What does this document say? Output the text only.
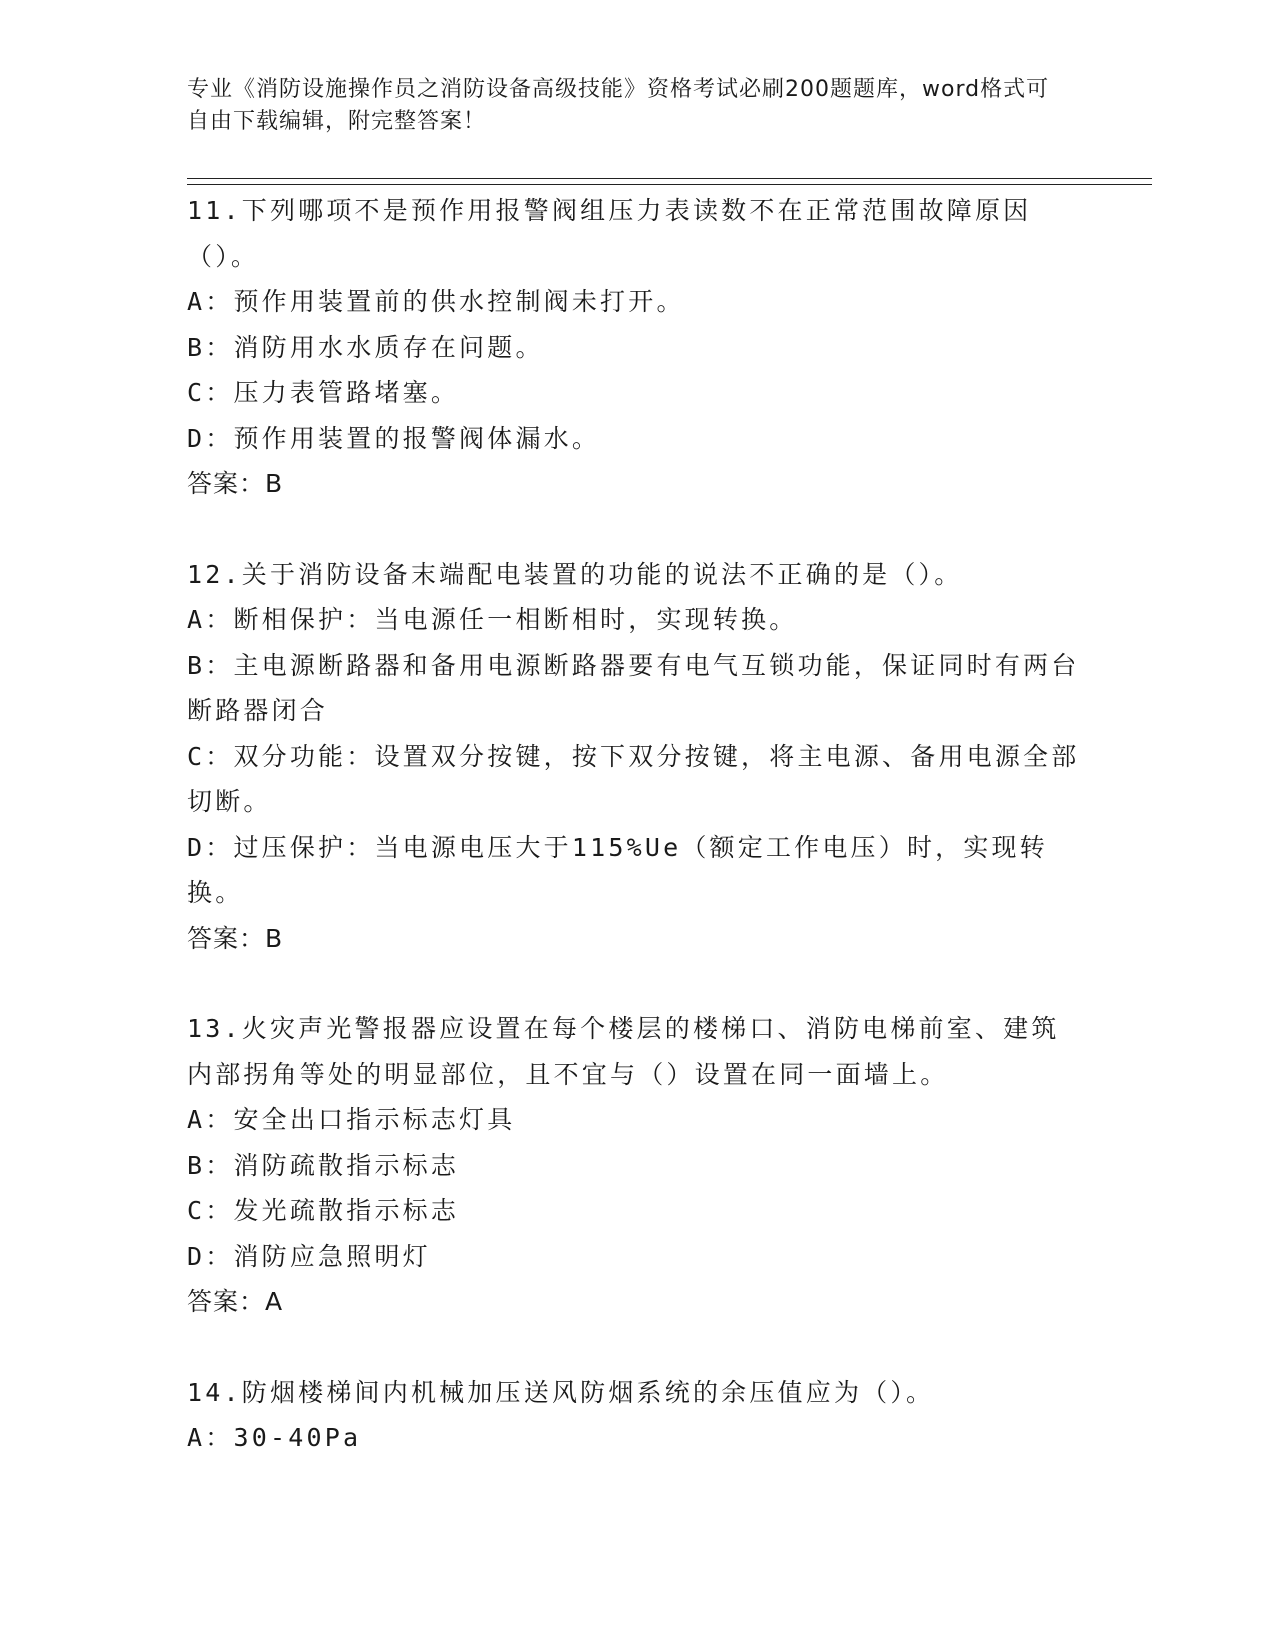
专业《消防设施操作员之消防设备高级技能》资格考试必刷200题题库，word格式可自由下载编辑，附完整答案！
11.下列哪项不是预作用报警阀组压力表读数不在正常范围故障原因（）。
A：预作用装置前的供水控制阀未打开。
B：消防用水水质存在问题。
C：压力表管路堵塞。
D：预作用装置的报警阀体漏水。
答案：B
12.关于消防设备末端配电装置的功能的说法不正确的是（）。
A：断相保护：当电源任一相断相时，实现转换。
B：主电源断路器和备用电源断路器要有电气互锁功能，保证同时有两台断路器闭合
C：双分功能：设置双分按键，按下双分按键，将主电源、备用电源全部切断。
D：过压保护：当电源电压大于115%Ue（额定工作电压）时，实现转换。
答案：B
13.火灾声光警报器应设置在每个楼层的楼梯口、消防电梯前室、建筑内部拐角等处的明显部位，且不宜与（）设置在同一面墙上。
A：安全出口指示标志灯具
B：消防疏散指示标志
C：发光疏散指示标志
D：消防应急照明灯
答案：A
14.防烟楼梯间内机械加压送风防烟系统的余压值应为（）。
A：30-40Pa
